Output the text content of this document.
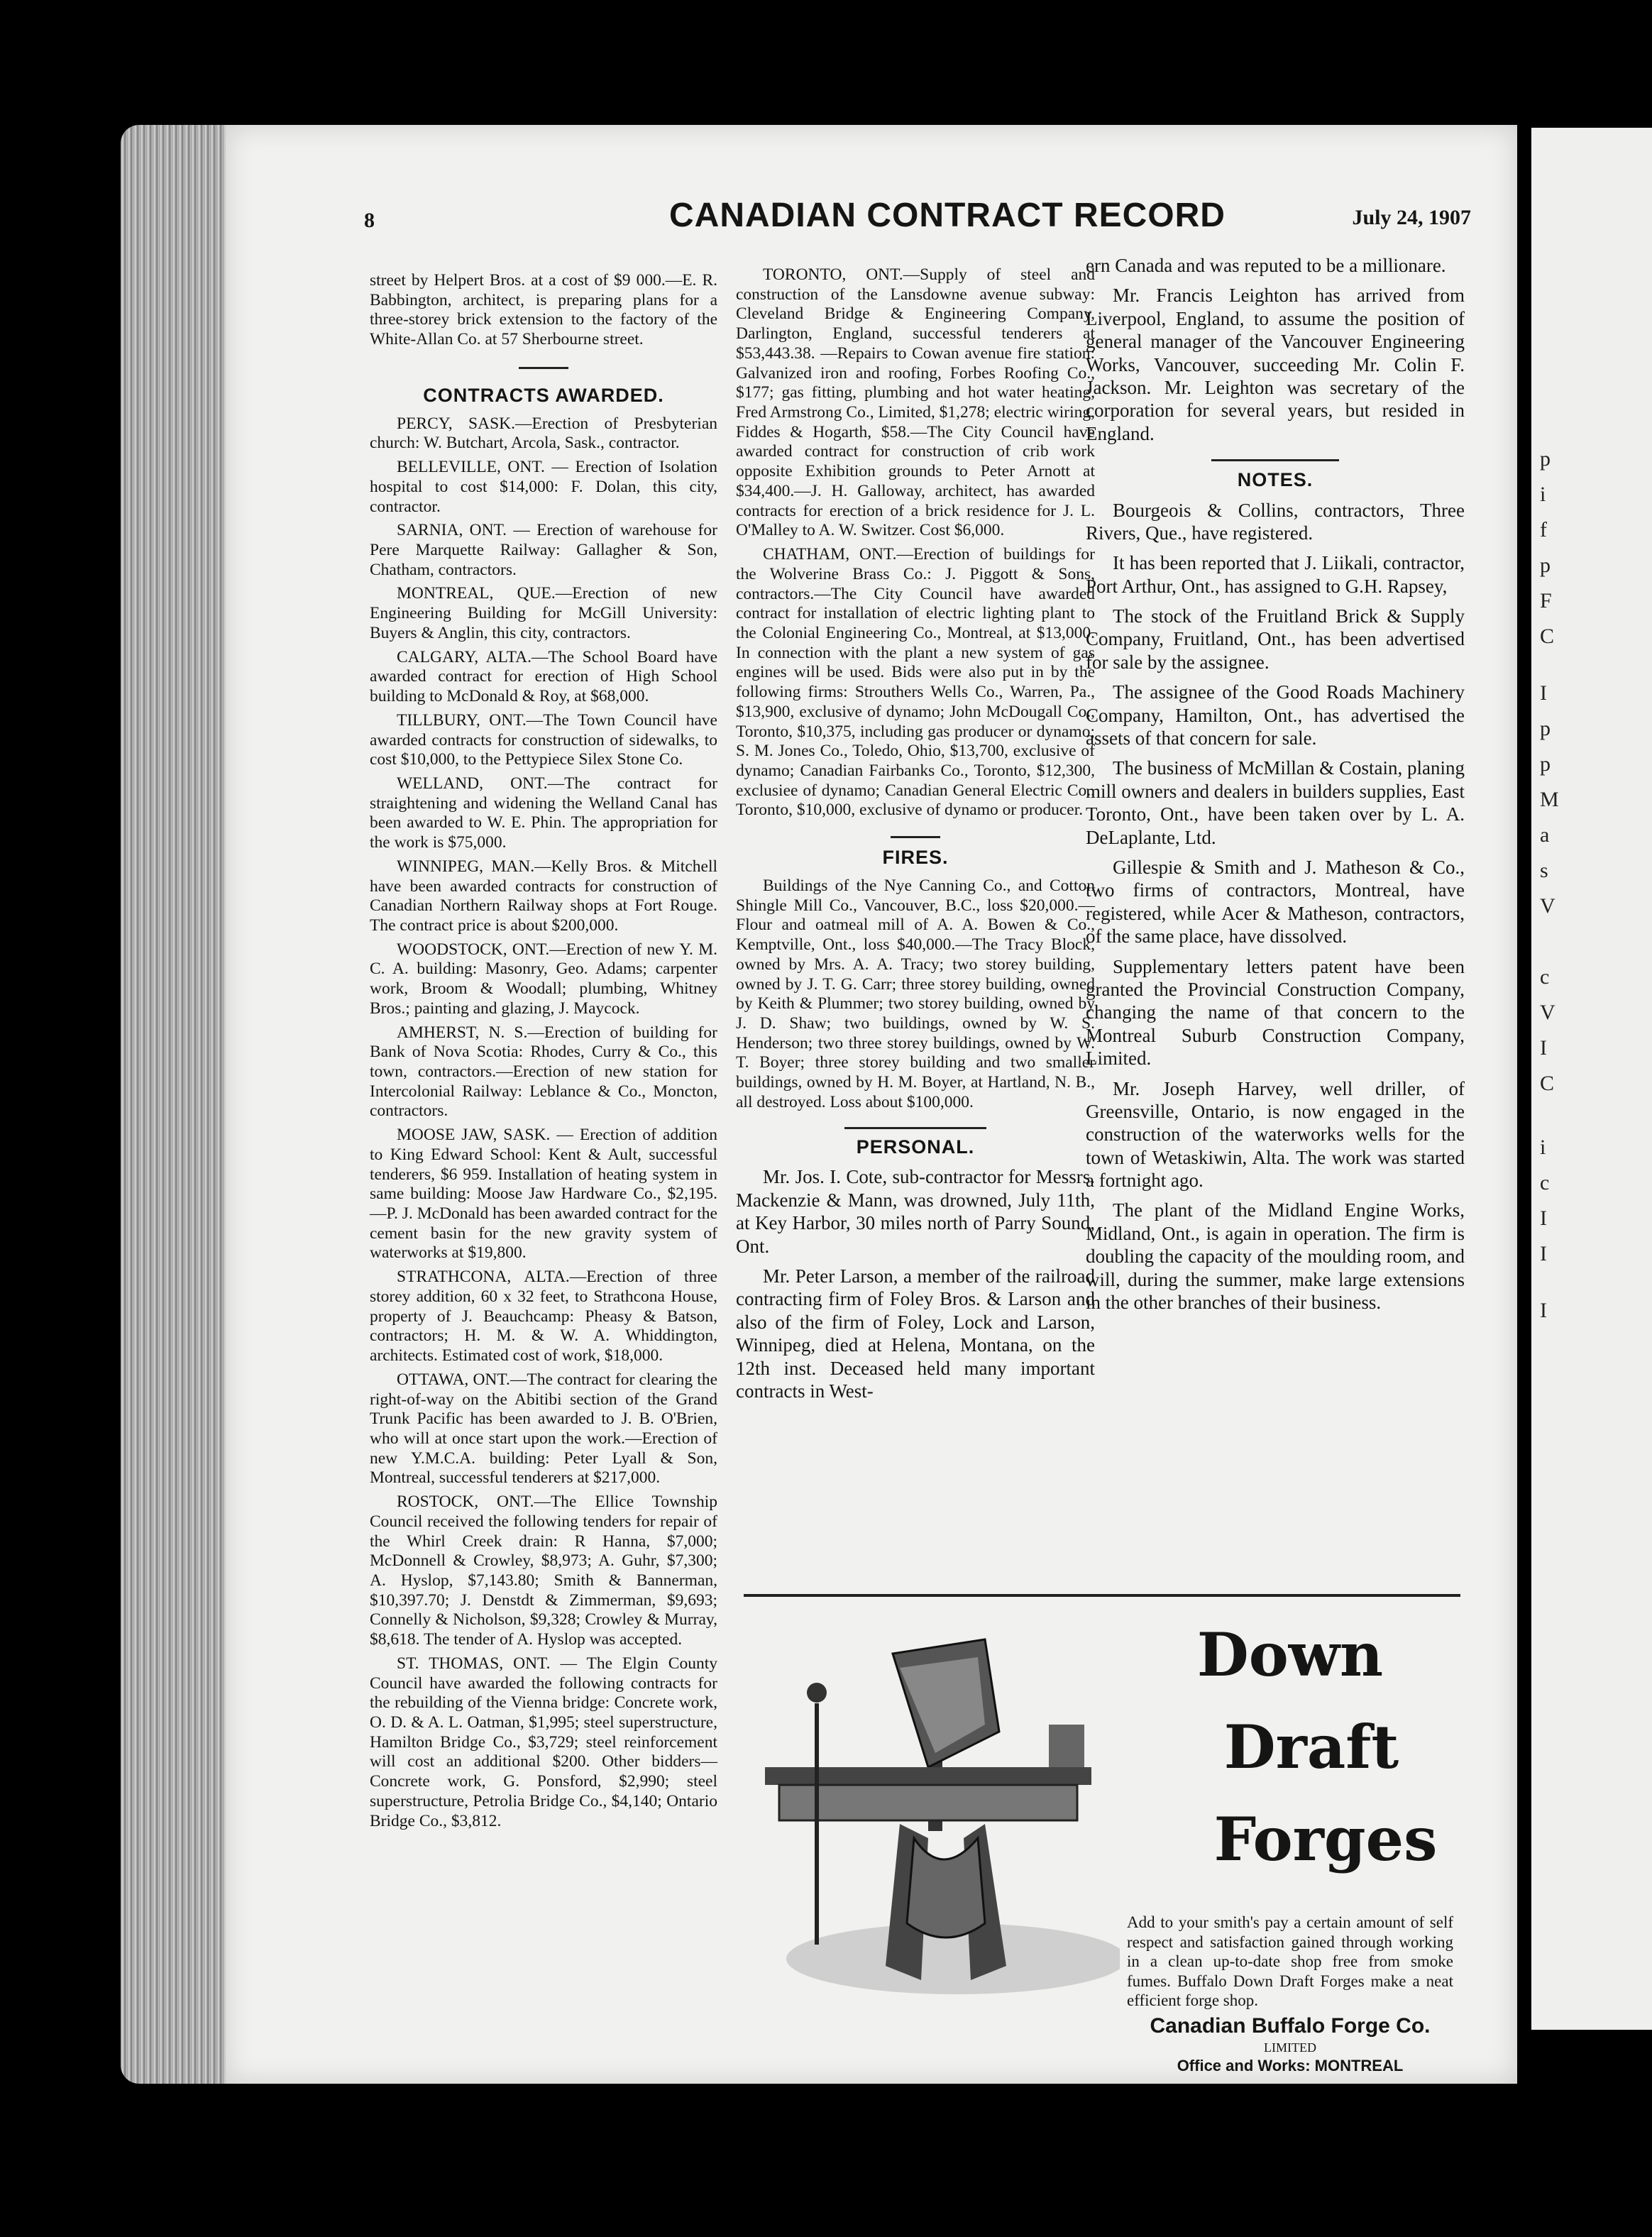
8	CANADIAN CONTRACT RECORD	July 24, 1907

street by Helpert Bros. at a cost of $9 000.—E. R. Babbington, architect, is preparing plans for a three-storey brick extension to the factory of the White-Allan Co. at 57 Sherbourne street.

CONTRACTS AWARDED.

PERCY, SASK.—Erection of Presbyterian church: W. Butchart, Arcola, Sask., contractor.

BELLEVILLE, ONT. — Erection of Isolation hospital to cost $14,000: F. Dolan, this city, contractor.

SARNIA, ONT. — Erection of warehouse for Pere Marquette Railway: Gallagher & Son, Chatham, contractors.

MONTREAL, QUE.—Erection of new Engineering Building for McGill University: Buyers & Anglin, this city, contractors.

CALGARY, ALTA.—The School Board have awarded contract for erection of High School building to McDonald & Roy, at $68,000.

TILLBURY, ONT.—The Town Council have awarded contracts for construction of sidewalks, to cost $10,000, to the Pettypiece Silex Stone Co.

WELLAND, ONT.—The contract for straightening and widening the Welland Canal has been awarded to W. E. Phin. The appropriation for the work is $75,000.

WINNIPEG, MAN.—Kelly Bros. & Mitchell have been awarded contracts for construction of Canadian Northern Railway shops at Fort Rouge. The contract price is about $200,000.

WOODSTOCK, ONT.—Erection of new Y. M. C. A. building: Masonry, Geo. Adams; carpenter work, Broom & Woodall; plumbing, Whitney Bros.; painting and glazing, J. Maycock.

AMHERST, N. S.—Erection of building for Bank of Nova Scotia: Rhodes, Curry & Co., this town, contractors.—Erection of new station for Intercolonial Railway: Leblance & Co., Moncton, contractors.

MOOSE JAW, SASK. — Erection of addition to King Edward School: Kent & Ault, successful tenderers, $6 959. Installation of heating system in same building: Moose Jaw Hardware Co., $2,195.—P. J. McDonald has been awarded contract for the cement basin for the new gravity system of waterworks at $19,800.

STRATHCONA, ALTA.—Erection of three storey addition, 60 x 32 feet, to Strathcona House, property of J. Beauchcamp: Pheasy & Batson, contractors; H. M. & W. A. Whiddington, architects. Estimated cost of work, $18,000.

OTTAWA, ONT.—The contract for clearing the right-of-way on the Abitibi section of the Grand Trunk Pacific has been awarded to J. B. O'Brien, who will at once start upon the work.—Erection of new Y.M.C.A. building: Peter Lyall & Son, Montreal, successful tenderers at $217,000.

ROSTOCK, ONT.—The Ellice Township Council received the following tenders for repair of the Whirl Creek drain: R Hanna, $7,000; McDonnell & Crowley, $8,973; A. Guhr, $7,300; A. Hyslop, $7,143.80; Smith & Bannerman, $10,397.70; J. Denstdt & Zimmerman, $9,693; Connelly & Nicholson, $9,328; Crowley & Murray, $8,618. The tender of A. Hyslop was accepted.

ST. THOMAS, ONT. — The Elgin County Council have awarded the following contracts for the rebuilding of the Vienna bridge: Concrete work, O. D. & A. L. Oatman, $1,995; steel superstructure, Hamilton Bridge Co., $3,729; steel reinforcement will cost an additional $200. Other bidders—Concrete work, G. Ponsford, $2,990; steel superstructure, Petrolia Bridge Co., $4,140; Ontario Bridge Co., $3,812.

TORONTO, ONT.—Supply of steel and construction of the Lansdowne avenue subway: Cleveland Bridge & Engineering Company, Darlington, England, successful tenderers at $53,443.38. —Repairs to Cowan avenue fire station: Galvanized iron and roofing, Forbes Roofing Co., $177; gas fitting, plumbing and hot water heating, Fred Armstrong Co., Limited, $1,278; electric wiring, Fiddes & Hogarth, $58.—The City Council have awarded contract for construction of crib work opposite Exhibition grounds to Peter Arnott at $34,400.—J. H. Galloway, architect, has awarded contracts for erection of a brick residence for J. L. O'Malley to A. W. Switzer. Cost $6,000.

CHATHAM, ONT.—Erection of buildings for the Wolverine Brass Co.: J. Piggott & Sons, contractors.—The City Council have awarded contract for installation of electric lighting plant to the Colonial Engineering Co., Montreal, at $13,000. In connection with the plant a new system of gas engines will be used. Bids were also put in by the following firms: Strouthers Wells Co., Warren, Pa., $13,900, exclusive of dynamo; John McDougall Co., Toronto, $10,375, including gas producer or dynamo; S. M. Jones Co., Toledo, Ohio, $13,700, exclusive of dynamo; Canadian Fairbanks Co., Toronto, $12,300, exclusiee of dynamo; Canadian General Electric Co., Toronto, $10,000, exclusive of dynamo or producer.

FIRES.

Buildings of the Nye Canning Co., and Cotton Shingle Mill Co., Vancouver, B.C., loss $20,000.—Flour and oatmeal mill of A. A. Bowen & Co., Kemptville, Ont., loss $40,000.—The Tracy Block, owned by Mrs. A. A. Tracy; two storey building, owned by J. T. G. Carr; three storey building, owned by Keith & Plummer; two storey building, owned by J. D. Shaw; two buildings, owned by W. S. Henderson; two three storey buildings, owned by W. T. Boyer; three storey building and two smaller buildings, owned by H. M. Boyer, at Hartland, N. B., all destroyed. Loss about $100,000.

PERSONAL.

Mr. Jos. I. Cote, sub-contractor for Messrs. Mackenzie & Mann, was drowned, July 11th, at Key Harbor, 30 miles north of Parry Sound, Ont.

Mr. Peter Larson, a member of the railroad contracting firm of Foley Bros. & Larson and also of the firm of Foley, Lock and Larson, Winnipeg, died at Helena, Montana, on the 12th inst. Deceased held many important contracts in West-

ern Canada and was reputed to be a millionare.

Mr. Francis Leighton has arrived from Liverpool, England, to assume the position of general manager of the Vancouver Engineering Works, Vancouver, succeeding Mr. Colin F. Jackson. Mr. Leighton was secretary of the corporation for several years, but resided in England.

NOTES.

Bourgeois & Collins, contractors, Three Rivers, Que., have registered.

It has been reported that J. Liikali, contractor, Port Arthur, Ont., has assigned to G.H. Rapsey,

The stock of the Fruitland Brick & Supply Company, Fruitland, Ont., has been advertised for sale by the assignee.

The assignee of the Good Roads Machinery Company, Hamilton, Ont., has advertised the assets of that concern for sale.

The business of McMillan & Costain, planing mill owners and dealers in builders supplies, East Toronto, Ont., have been taken over by L. A. DeLaplante, Ltd.

Gillespie & Smith and J. Matheson & Co., two firms of contractors, Montreal, have registered, while Acer & Matheson, contractors, of the same place, have dissolved.

Supplementary letters patent have been granted the Provincial Construction Company, changing the name of that concern to the Montreal Suburb Construction Company, Limited.

Mr. Joseph Harvey, well driller, of Greensville, Ontario, is now engaged in the construction of the waterworks wells for the town of Wetaskiwin, Alta. The work was started a fortnight ago.

The plant of the Midland Engine Works, Midland, Ont., is again in operation. The firm is doubling the capacity of the moulding room, and will, during the summer, make large extensions in the other branches of their business.

Down
Draft
Forges
Add to your smith's pay a certain amount of self respect and satisfaction gained through working in a clean up-to-date shop free from smoke fumes. Buffalo Down Draft Forges make a neat efficient forge shop.
Canadian Buffalo Forge Co.
LIMITED
Office and Works: MONTREAL
p
i
f
p
F
C
I
p
p
M
a
s
V
c
V
I
C
i
c
I
I
I
